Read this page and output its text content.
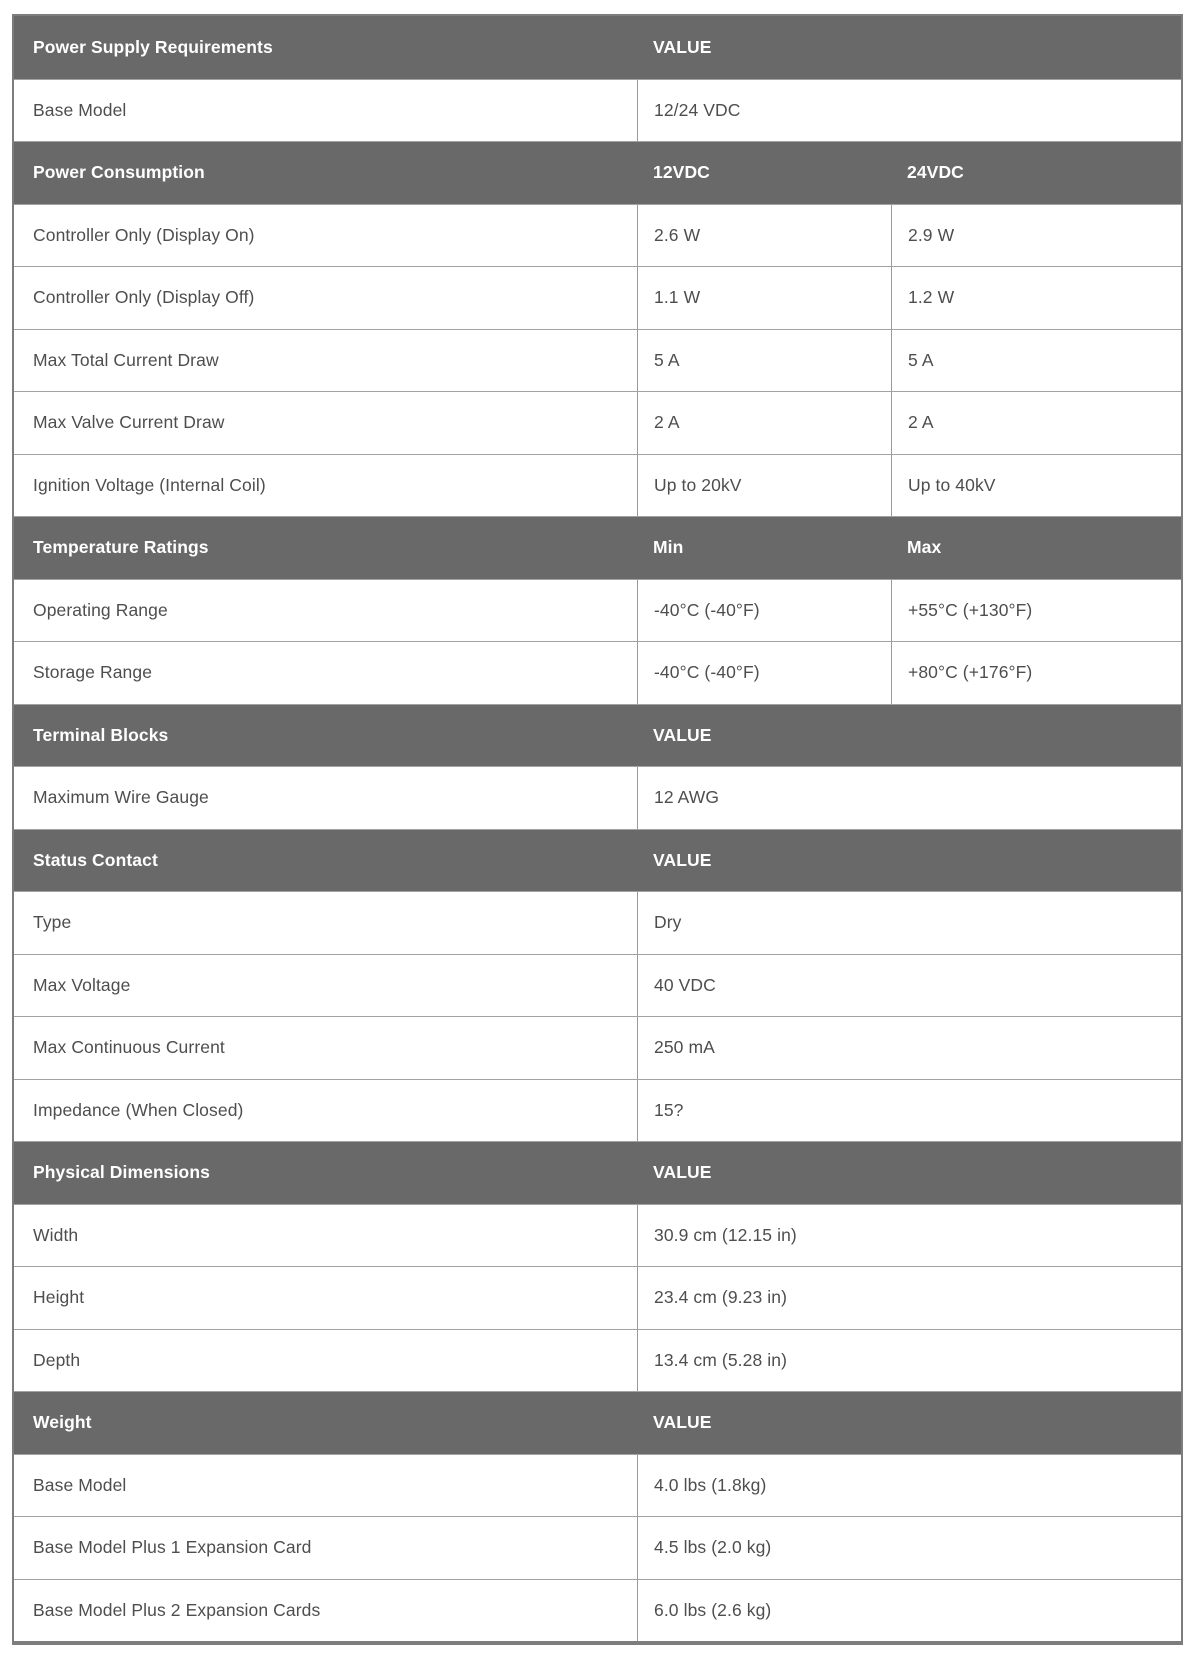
Power Supply Requirements	VALUE
Base Model	12/24 VDC
Power Consumption	12VDC	24VDC
Controller Only (Display On)	2.6 W	2.9 W
Controller Only (Display Off)	1.1 W	1.2 W
Max Total Current Draw	5 A	5 A
Max Valve Current Draw	2 A	2 A
Ignition Voltage (Internal Coil)	Up to 20kV	Up to 40kV
Temperature Ratings	Min	Max
Operating Range	-40°C (-40°F)	+55°C (+130°F)
Storage Range	-40°C (-40°F)	+80°C (+176°F)
Terminal Blocks	VALUE
Maximum Wire Gauge	12 AWG
Status Contact	VALUE
Type	Dry
Max Voltage	40 VDC
Max Continuous Current	250 mA
Impedance (When Closed)	15?
Physical Dimensions	VALUE
Width	30.9 cm (12.15 in)
Height	23.4 cm (9.23 in)
Depth	13.4 cm (5.28 in)
Weight	VALUE
Base Model	4.0 lbs (1.8kg)
Base Model Plus 1 Expansion Card	4.5 lbs (2.0 kg)
Base Model Plus 2 Expansion Cards	6.0 lbs (2.6 kg)
